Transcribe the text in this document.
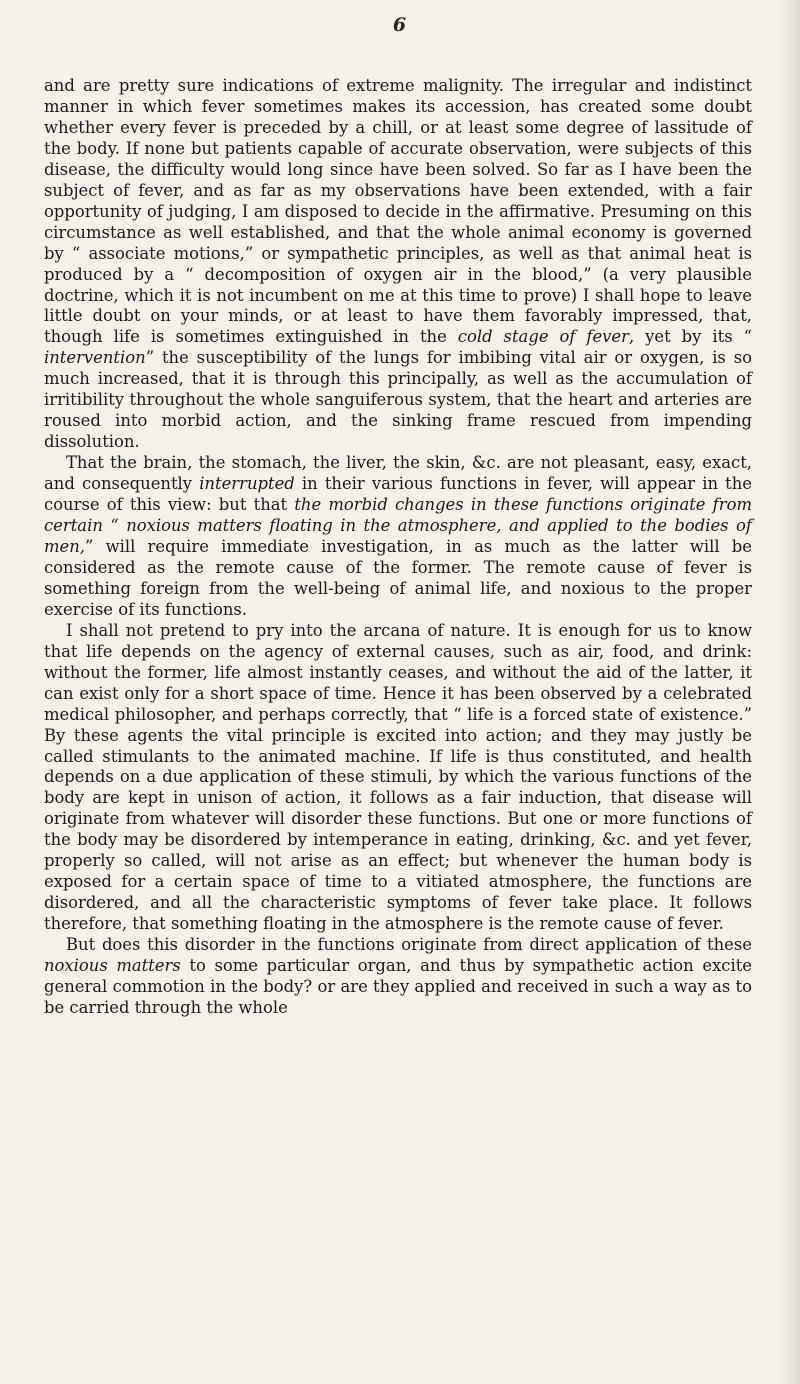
6

and are pretty sure indications of extreme malignity. The irregular and indistinct manner in which fever sometimes makes its accession, has created some doubt whether every fever is preceded by a chill, or at least some degree of lassitude of the body. If none but patients capable of accurate observation, were subjects of this disease, the difficulty would long since have been solved. So far as I have been the subject of fever, and as far as my observations have been extended, with a fair opportunity of judging, I am disposed to decide in the affirmative. Presuming on this circumstance as well established, and that the whole animal economy is governed by “ associate motions,” or sympathetic principles, as well as that animal heat is produced by a “ decomposition of oxygen air in the blood,” (a very plausible doctrine, which it is not incumbent on me at this time to prove) I shall hope to leave little doubt on your minds, or at least to have them favorably impressed, that, though life is sometimes extinguished in the cold stage of fever, yet by its “ intervention” the susceptibility of the lungs for imbibing vital air or oxygen, is so much increased, that it is through this principally, as well as the accumulation of irritibility throughout the whole sanguiferous system, that the heart and arteries are roused into morbid action, and the sinking frame rescued from impending dissolution.

That the brain, the stomach, the liver, the skin, &c. are not pleasant, easy, exact, and consequently interrupted in their various functions in fever, will appear in the course of this view: but that the morbid changes in these functions originate from certain “ noxious matters floating in the atmosphere, and applied to the bodies of men,” will require immediate investigation, in as much as the latter will be considered as the remote cause of the former. The remote cause of fever is something foreign from the well-being of animal life, and noxious to the proper exercise of its functions.

I shall not pretend to pry into the arcana of nature. It is enough for us to know that life depends on the agency of external causes, such as air, food, and drink: without the former, life almost instantly ceases, and without the aid of the latter, it can exist only for a short space of time. Hence it has been observed by a celebrated medical philosopher, and perhaps correctly, that “ life is a forced state of existence.” By these agents the vital principle is excited into action; and they may justly be called stimulants to the animated machine. If life is thus constituted, and health depends on a due application of these stimuli, by which the various functions of the body are kept in unison of action, it follows as a fair induction, that disease will originate from whatever will disorder these functions. But one or more functions of the body may be disordered by intemperance in eating, drinking, &c. and yet fever, properly so called, will not arise as an effect; but whenever the human body is exposed for a certain space of time to a vitiated atmosphere, the functions are disordered, and all the characteristic symptoms of fever take place. It follows therefore, that something floating in the atmosphere is the remote cause of fever.

But does this disorder in the functions originate from direct application of these noxious matters to some particular organ, and thus by sympathetic action excite general commotion in the body? or are they applied and received in such a way as to be carried through the whole
